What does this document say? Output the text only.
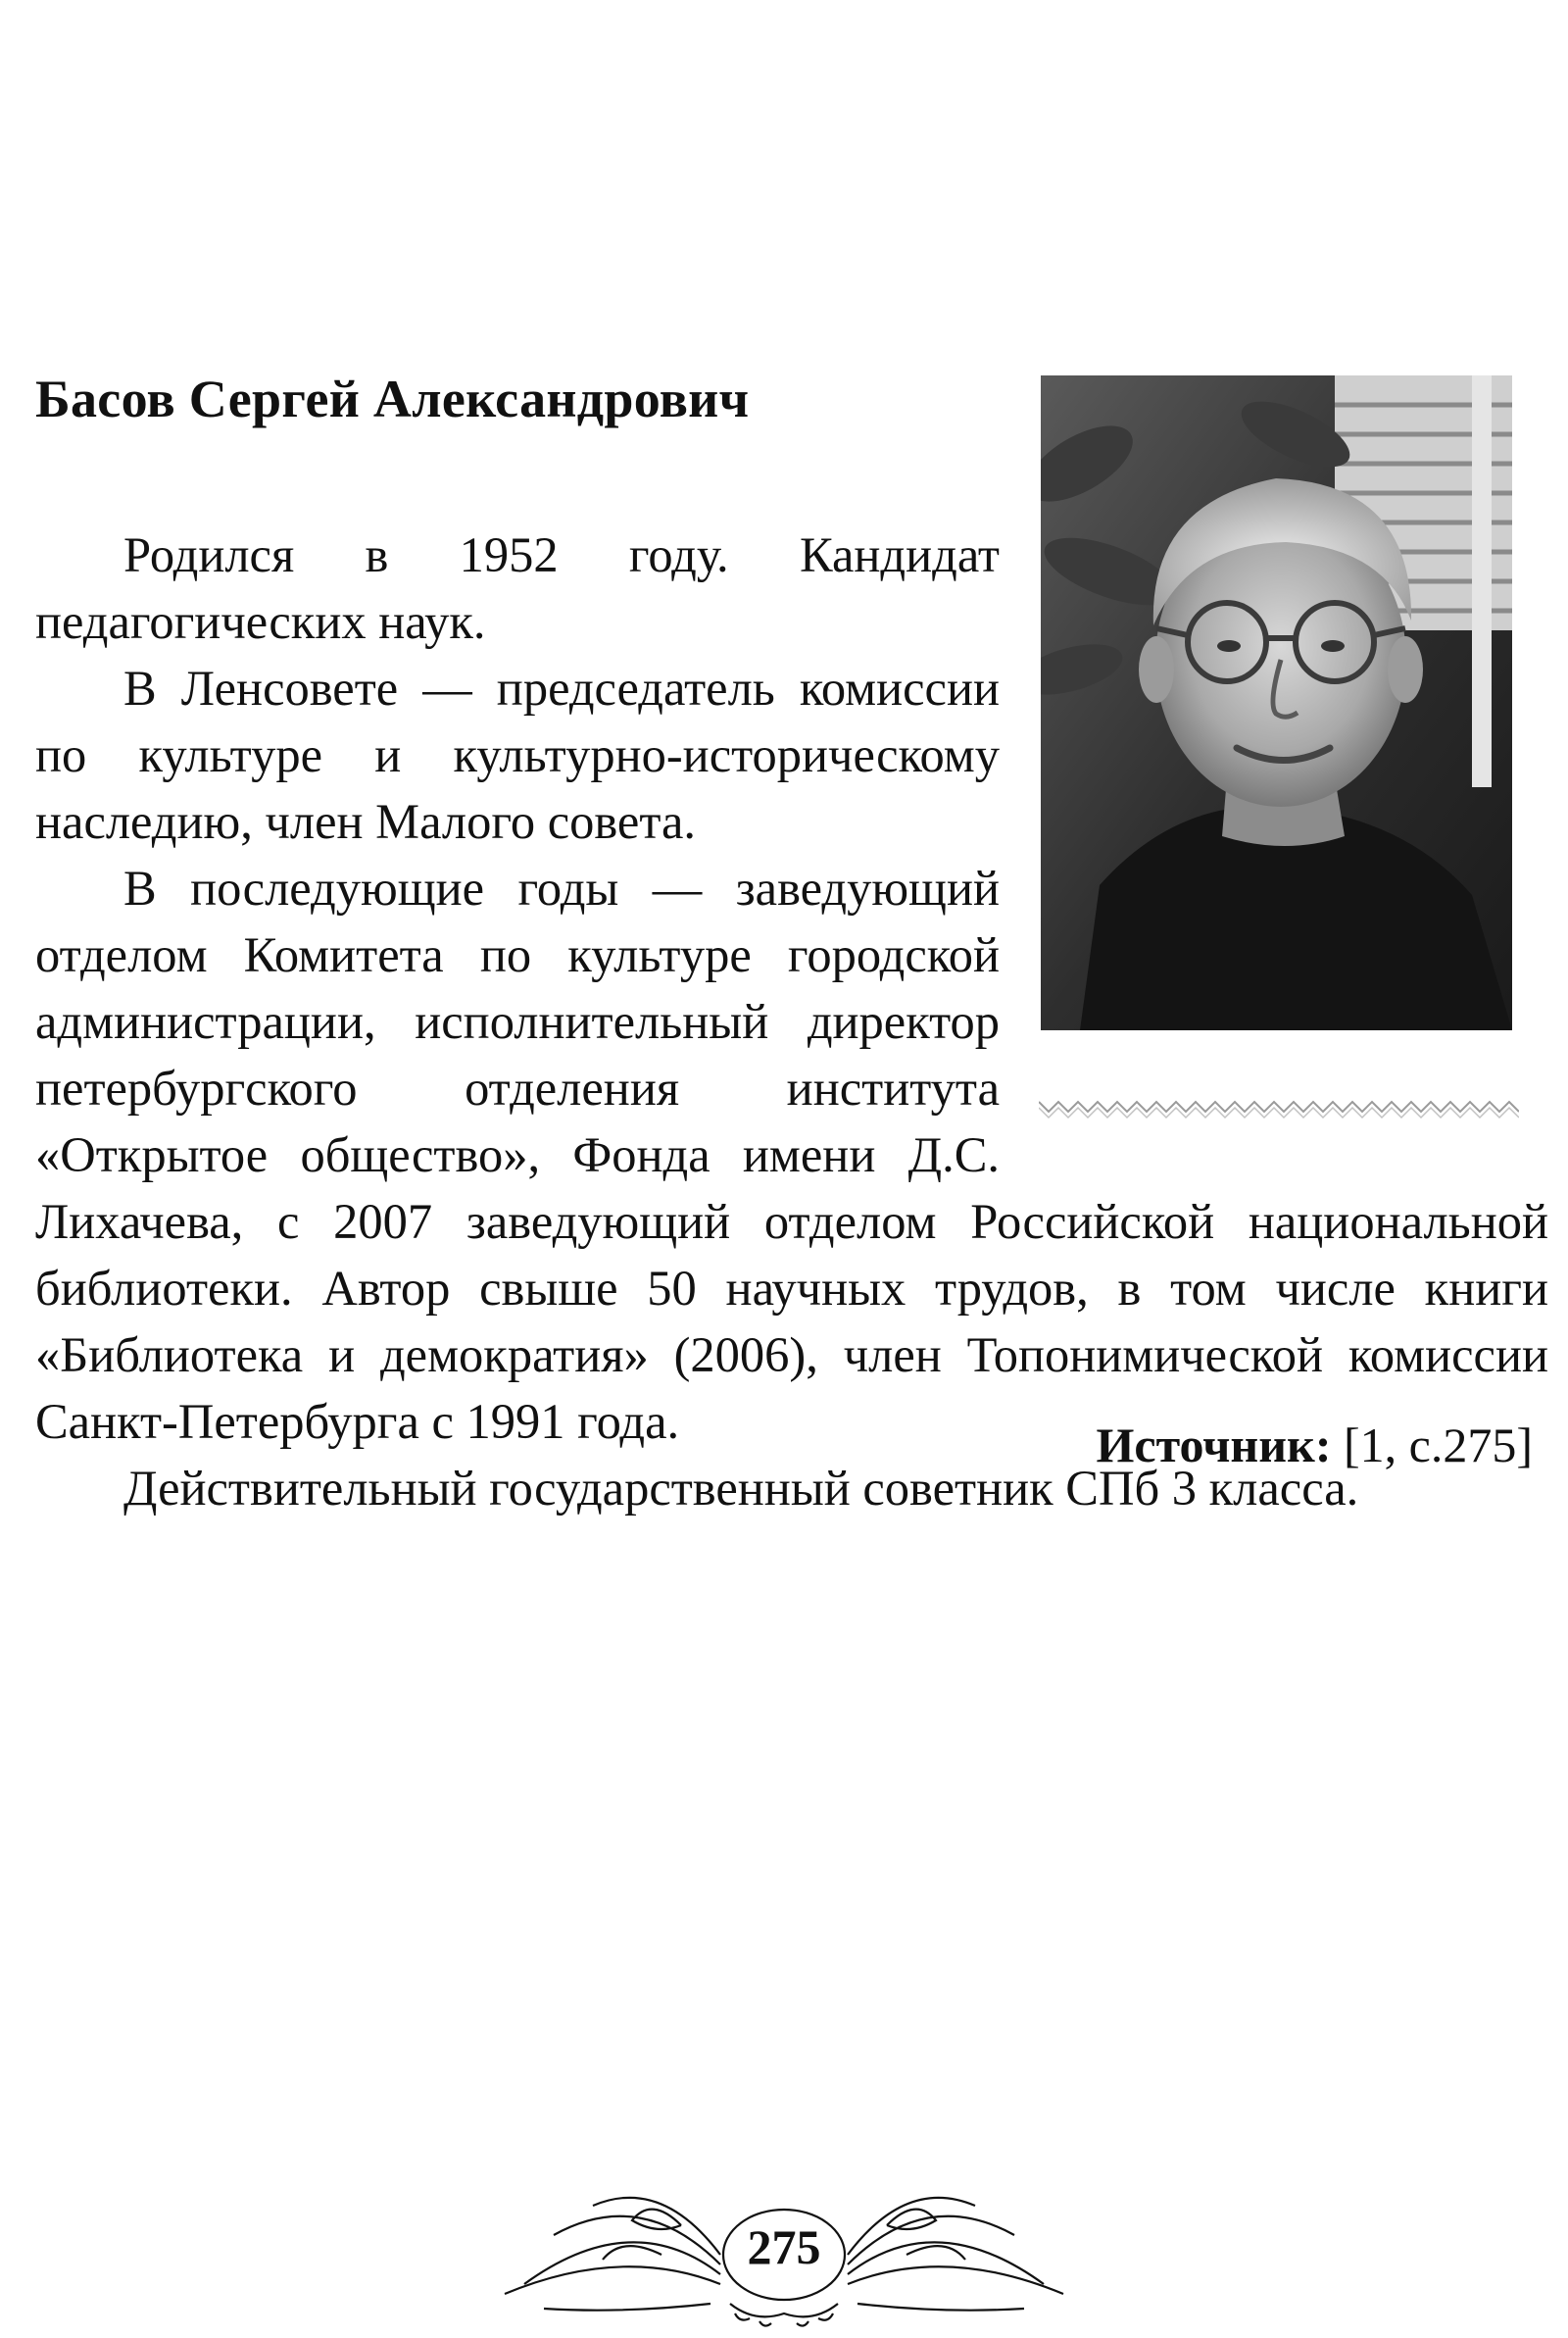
Басов Сергей Александрович

Родился в 1952 году. Кандидат педагогических наук.

В Ленсовете — председатель комиссии по культуре и культурно-историческому наследию, член Малого совета.

В последующие годы — заведующий отделом Комитета по культуре городской администрации, исполнительный директор петербургского отделения института «Открытое общество», Фонда имени Д.С. Лихачева, с 2007 заведующий отделом Российской национальной библиотеки. Автор свыше 50 научных трудов, в том числе книги «Библиотека и демократия» (2006), член Топонимической комиссии Санкт-Петербурга с 1991 года.

Действительный государственный советник СПб 3 класса.

Источник: [1, с.275]

275
